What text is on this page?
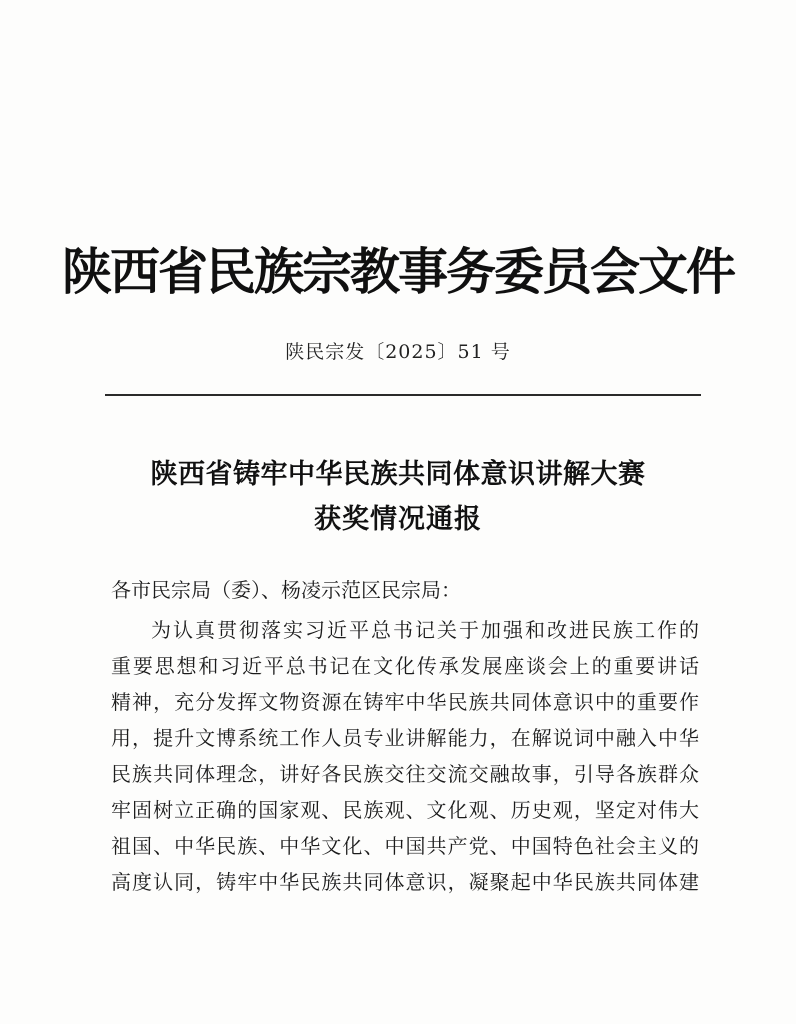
陕西省民族宗教事务委员会文件
陕民宗发〔2025〕51 号
陕西省铸牢中华民族共同体意识讲解大赛
获奖情况通报
各市民宗局（委）、杨凌示范区民宗局：
为认真贯彻落实习近平总书记关于加强和改进民族工作的
重要思想和习近平总书记在文化传承发展座谈会上的重要讲话
精神，充分发挥文物资源在铸牢中华民族共同体意识中的重要作
用，提升文博系统工作人员专业讲解能力，在解说词中融入中华
民族共同体理念，讲好各民族交往交流交融故事，引导各族群众
牢固树立正确的国家观、民族观、文化观、历史观，坚定对伟大
祖国、中华民族、中华文化、中国共产党、中国特色社会主义的
高度认同，铸牢中华民族共同体意识，凝聚起中华民族共同体建
